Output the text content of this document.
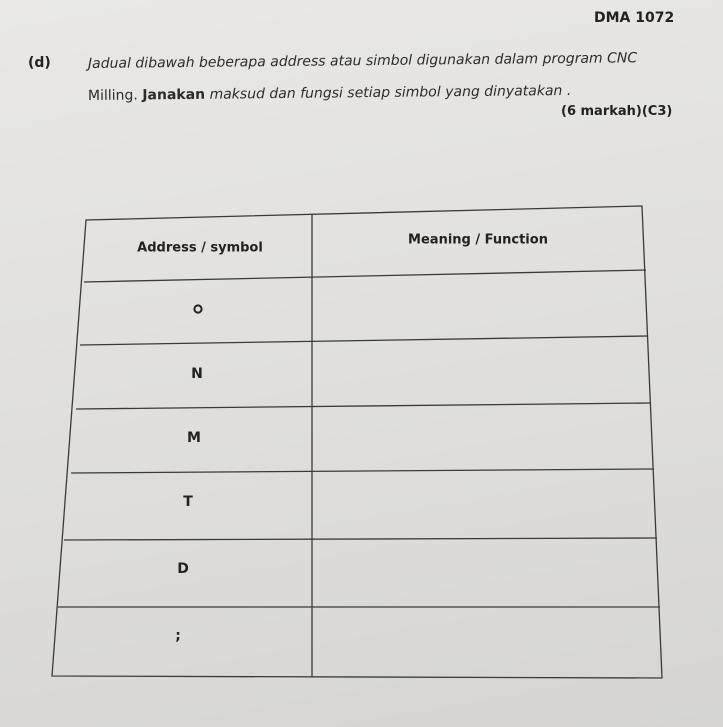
DMA 1072
(d)	Jadual dibawah beberapa address atau simbol digunakan dalam program CNC
Milling. Janakan maksud dan fungsi setiap simbol yang dinyatakan .
(6 markah)(C3)
Address / symbol
Meaning / Function
N
M
T
D
;
